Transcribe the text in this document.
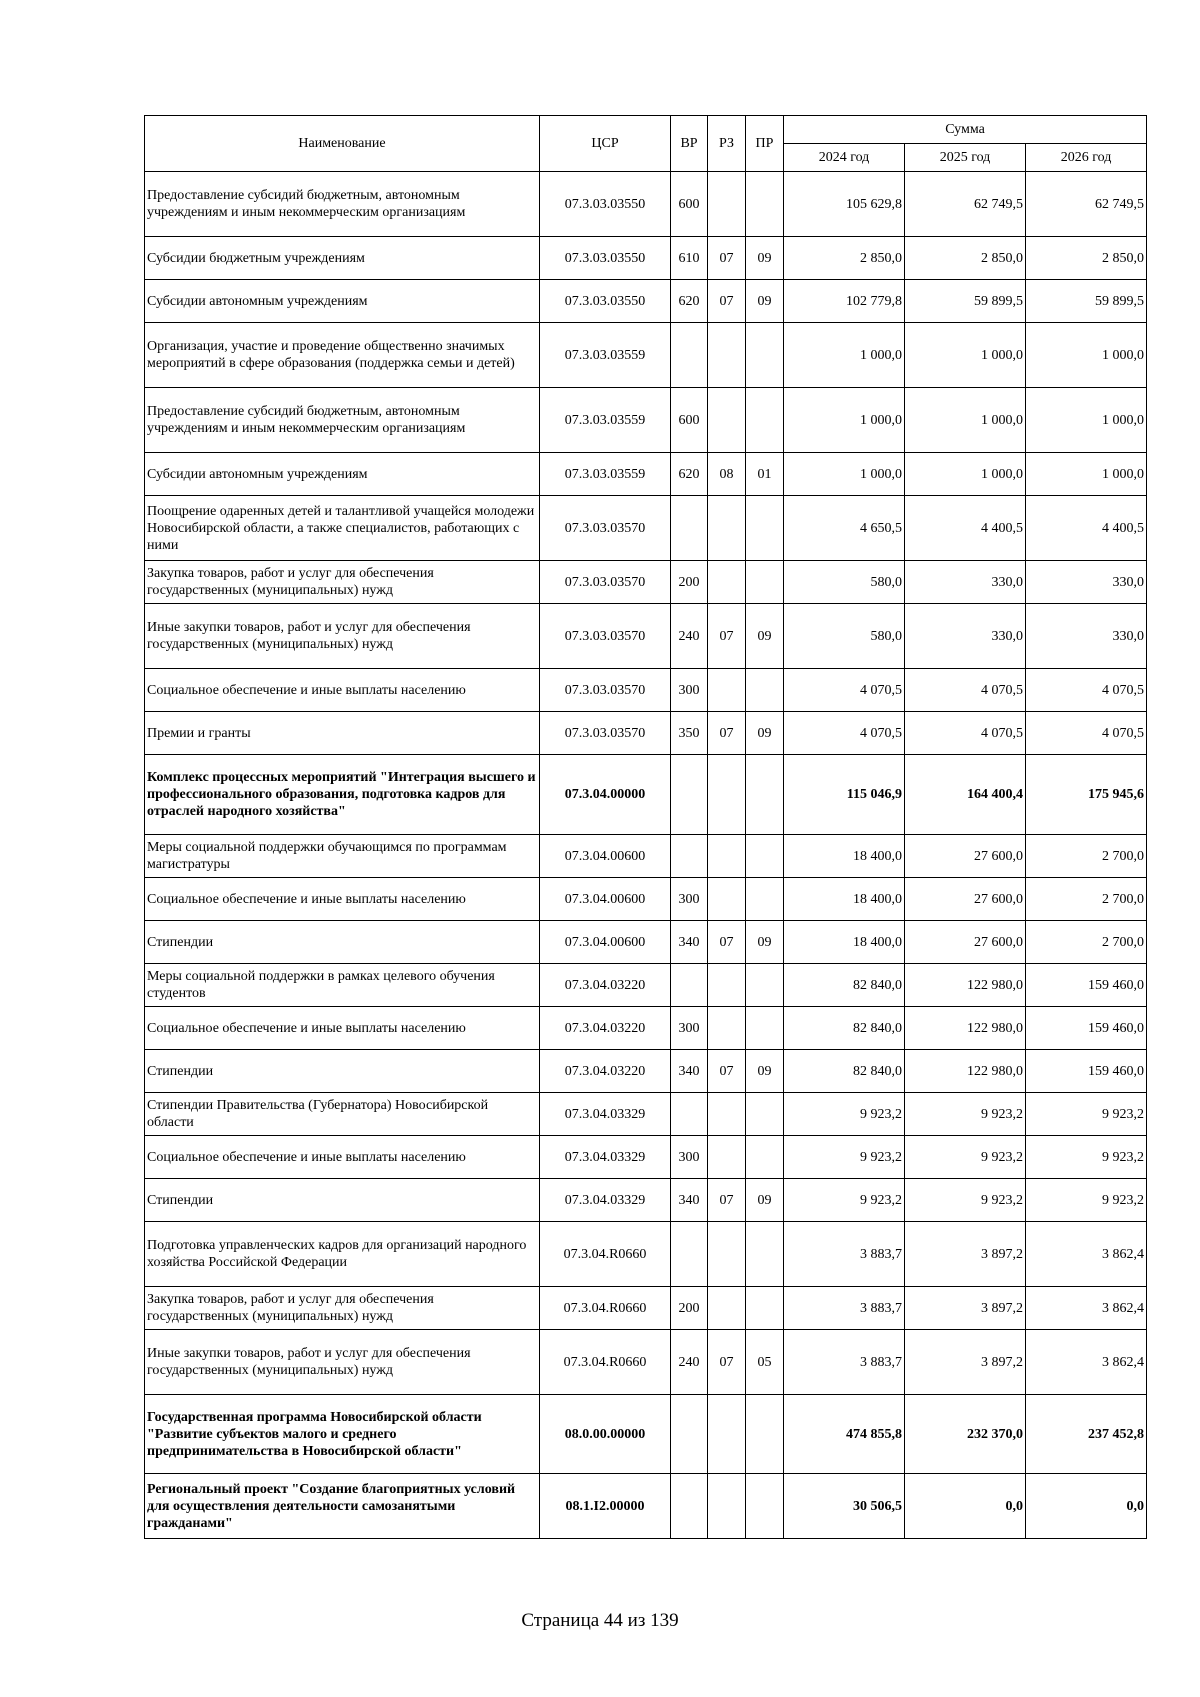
Наименование	ЦСР	ВР	РЗ	ПР	Сумма		
					2024 год	2025 год	2026 год
Предоставление субсидий бюджетным, автономным учреждениям и иным некоммерческим организациям	07.3.03.03550	600			105 629,8	62 749,5	62 749,5
Субсидии бюджетным учреждениям	07.3.03.03550	610	07	09	2 850,0	2 850,0	2 850,0
Субсидии автономным учреждениям	07.3.03.03550	620	07	09	102 779,8	59 899,5	59 899,5
Организация, участие и проведение общественно значимых мероприятий в сфере образования (поддержка семьи и детей)	07.3.03.03559				1 000,0	1 000,0	1 000,0
Предоставление субсидий бюджетным, автономным учреждениям и иным некоммерческим организациям	07.3.03.03559	600			1 000,0	1 000,0	1 000,0
Субсидии автономным учреждениям	07.3.03.03559	620	08	01	1 000,0	1 000,0	1 000,0
Поощрение одаренных детей и талантливой учащейся молодежи Новосибирской области, а также специалистов, работающих с ними	07.3.03.03570				4 650,5	4 400,5	4 400,5
Закупка товаров, работ и услуг для обеспечения государственных (муниципальных) нужд	07.3.03.03570	200			580,0	330,0	330,0
Иные закупки товаров, работ и услуг для обеспечения государственных (муниципальных) нужд	07.3.03.03570	240	07	09	580,0	330,0	330,0
Социальное обеспечение и иные выплаты населению	07.3.03.03570	300			4 070,5	4 070,5	4 070,5
Премии и гранты	07.3.03.03570	350	07	09	4 070,5	4 070,5	4 070,5
Комплекс процессных мероприятий "Интеграция высшего и профессионального образования, подготовка кадров для отраслей народного хозяйства"	07.3.04.00000				115 046,9	164 400,4	175 945,6
Меры социальной поддержки обучающимся по программам магистратуры	07.3.04.00600				18 400,0	27 600,0	2 700,0
Социальное обеспечение и иные выплаты населению	07.3.04.00600	300			18 400,0	27 600,0	2 700,0
Стипендии	07.3.04.00600	340	07	09	18 400,0	27 600,0	2 700,0
Меры социальной поддержки в рамках целевого обучения студентов	07.3.04.03220				82 840,0	122 980,0	159 460,0
Социальное обеспечение и иные выплаты населению	07.3.04.03220	300			82 840,0	122 980,0	159 460,0
Стипендии	07.3.04.03220	340	07	09	82 840,0	122 980,0	159 460,0
Стипендии Правительства (Губернатора) Новосибирской области	07.3.04.03329				9 923,2	9 923,2	9 923,2
Социальное обеспечение и иные выплаты населению	07.3.04.03329	300			9 923,2	9 923,2	9 923,2
Стипендии	07.3.04.03329	340	07	09	9 923,2	9 923,2	9 923,2
Подготовка управленческих кадров для организаций народного хозяйства Российской Федерации	07.3.04.R0660				3 883,7	3 897,2	3 862,4
Закупка товаров, работ и услуг для обеспечения государственных (муниципальных) нужд	07.3.04.R0660	200			3 883,7	3 897,2	3 862,4
Иные закупки товаров, работ и услуг для обеспечения государственных (муниципальных) нужд	07.3.04.R0660	240	07	05	3 883,7	3 897,2	3 862,4
Государственная программа Новосибирской области "Развитие субъектов малого и среднего предпринимательства в Новосибирской области"	08.0.00.00000				474 855,8	232 370,0	237 452,8
Региональный проект "Создание благоприятных условий для осуществления деятельности самозанятыми гражданами"	08.1.I2.00000				30 506,5	0,0	0,0
Страница 44 из 139
